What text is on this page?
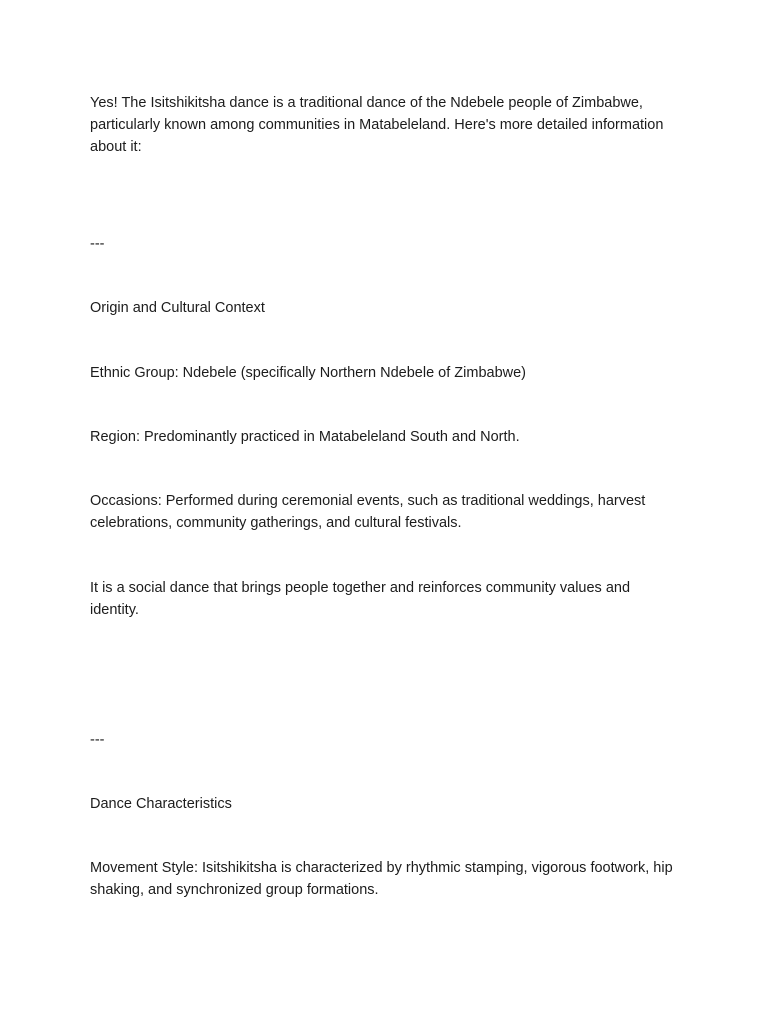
Yes! The Isitshikitsha dance is a traditional dance of the Ndebele people of Zimbabwe, particularly known among communities in Matabeleland. Here's more detailed information about it:

---

Origin and Cultural Context

Ethnic Group: Ndebele (specifically Northern Ndebele of Zimbabwe)

Region: Predominantly practiced in Matabeleland South and North.

Occasions: Performed during ceremonial events, such as traditional weddings, harvest celebrations, community gatherings, and cultural festivals.

It is a social dance that brings people together and reinforces community values and identity.

---

Dance Characteristics

Movement Style: Isitshikitsha is characterized by rhythmic stamping, vigorous footwork, hip shaking, and synchronized group formations.
